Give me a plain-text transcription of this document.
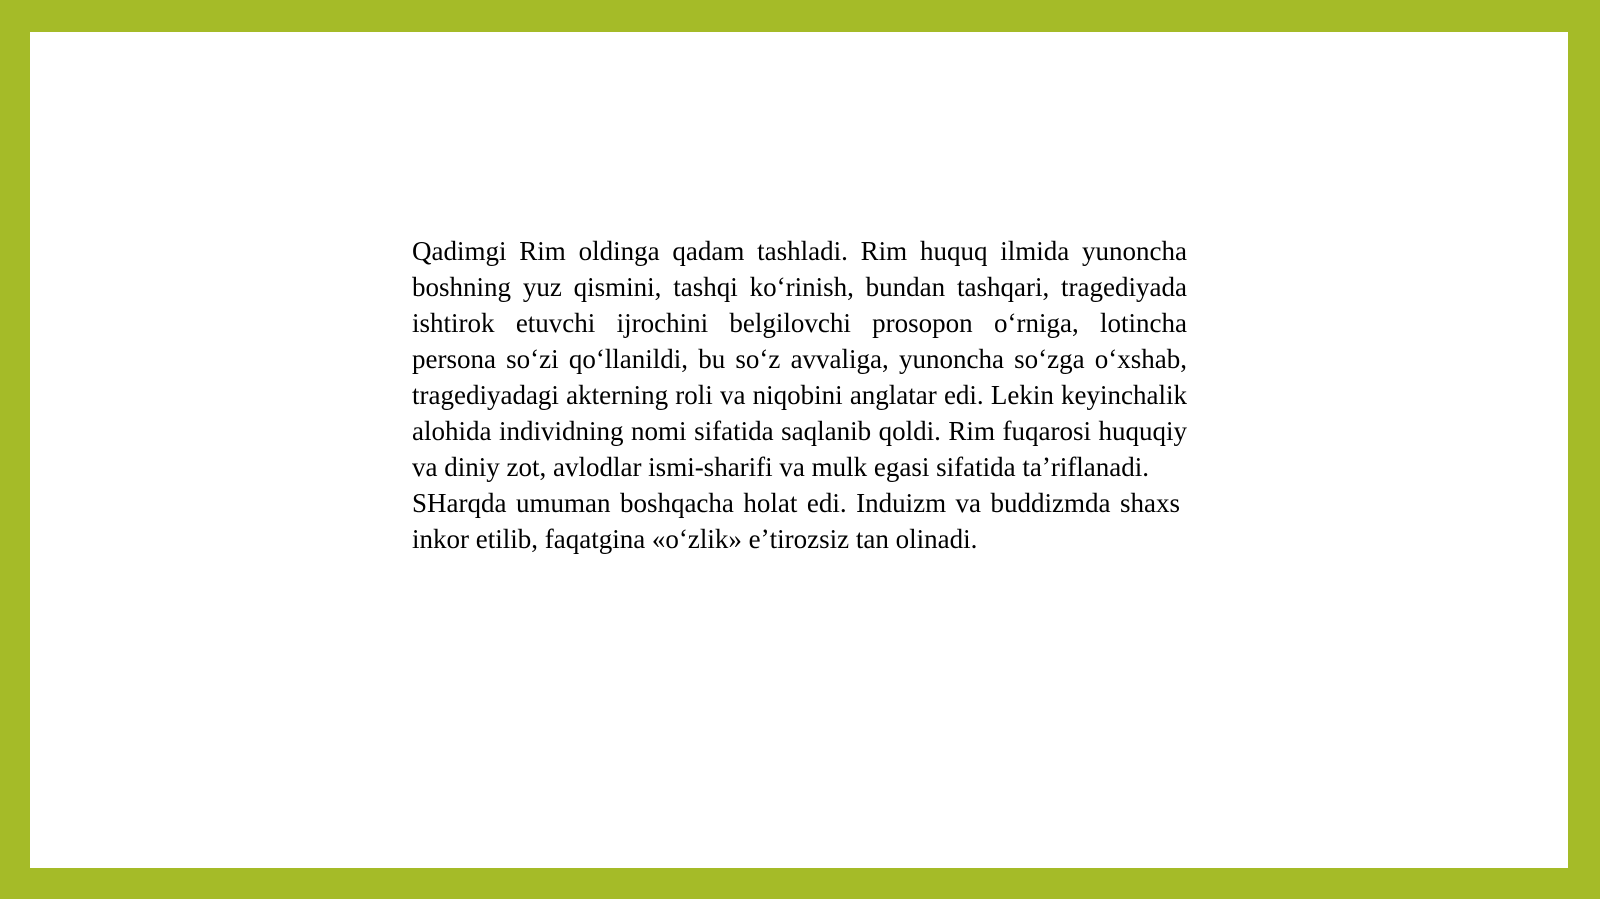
Qadimgi Rim oldinga qadam tashladi. Rim huquq ilmida yunoncha boshning yuz qismini, tashqi koʻrinish, bundan tashqari, tragediyada ishtirok etuvchi ijrochini belgilovchi prosopon oʻrniga, lotincha persona soʻzi qoʻllanildi, bu soʻz avvaliga, yunoncha soʻzga oʻxshab, tragediyadagi akterning roli va niqobini anglatar edi. Lekin keyinchalik alohida individning nomi sifatida saqlanib qoldi. Rim fuqarosi huquqiy va diniy zot, avlodlar ismi-sharifi va mulk egasi sifatida taʼriflanadi.

SHarqda umuman boshqacha holat edi. Induizm va buddizmda shaxs inkor etilib, faqatgina «oʻzlik» eʼtirozsiz tan olinadi.
